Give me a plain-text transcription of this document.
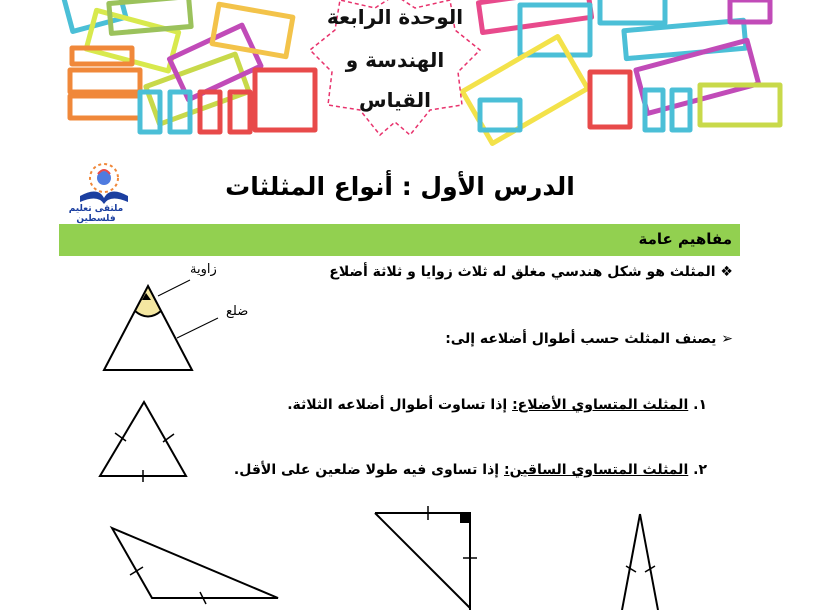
الوحدة الرابعة
الهندسة و
القياس
ملتقى تعليم فلسطين
الدرس الأول : أنواع المثلثات
مفاهيم عامة
❖ المثلث هو شكل هندسي مغلق له ثلاث زوايا و ثلاثة أضلاع
➢ يصنف المثلث حسب أطوال أضلاعه إلى:
١. المثلث المتساوي الأضلاع: إذا تساوت أطوال أضلاعه الثلاثة.
٢. المثلث المتساوي الساقين: إذا تساوى فيه طولا ضلعين على الأقل.
زاوية
ضلع
